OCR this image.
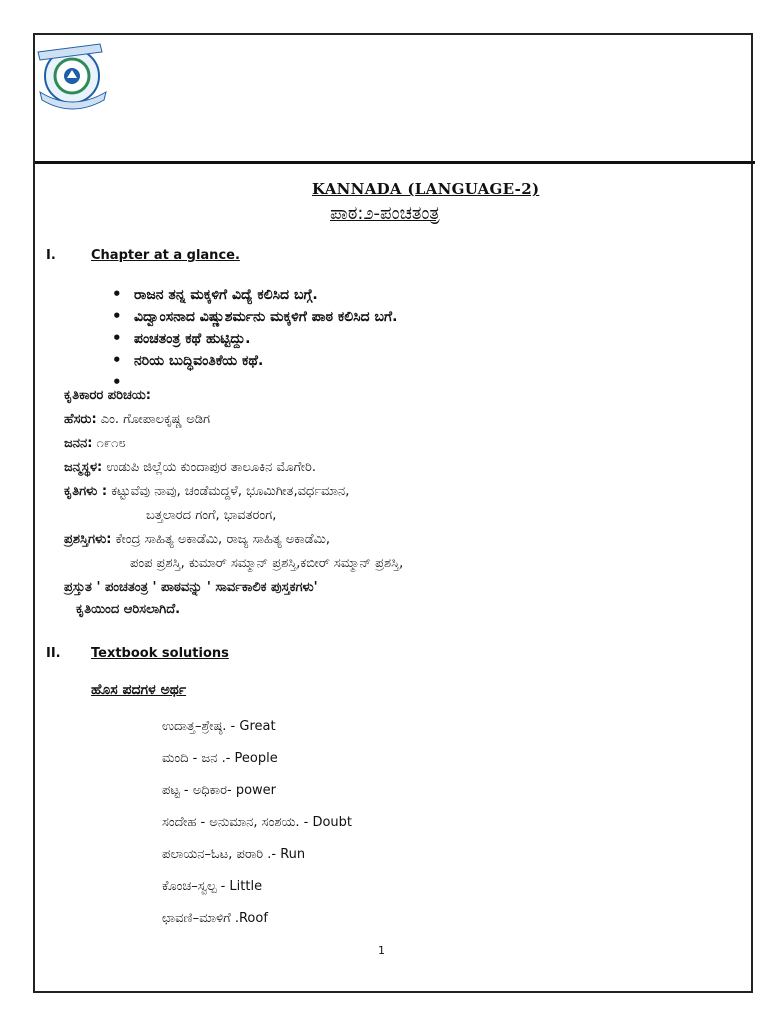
KANNADA (LANGUAGE-2)
ಪಾಠ:೨-ಪಂಚತಂತ್ರ
I.	Chapter at a glance.
• ರಾಜನ ತನ್ನ ಮಕ್ಕಳಿಗೆ ವಿದ್ಯೆ ಕಲಿಸಿದ ಬಗ್ಗೆ.
• ವಿದ್ವಾಂಸನಾದ ವಿಷ್ಣುಶರ್ಮನು ಮಕ್ಕಳಿಗೆ ಪಾಠ ಕಲಿಸಿದ ಬಗೆ.
• ಪಂಚತಂತ್ರ ಕಥೆ ಹುಟ್ಟಿದ್ದು.
• ನರಿಯ ಬುದ್ಧಿವಂತಿಕೆಯ ಕಥೆ.
•
ಕೃತಿಕಾರರ ಪರಿಚಯ:
ಹೆಸರು: ಎಂ. ಗೋಪಾಲಕೃಷ್ಣ ಅಡಿಗ
ಜನನ: ೧೯೧೮
ಜನ್ಮಸ್ಥಳ: ಉಡುಪಿ ಜಿಲ್ಲೆಯ ಕುಂದಾಪುರ ತಾಲೂಕಿನ ಮೊಗೇರಿ.
ಕೃತಿಗಳು : ಕಟ್ಟುವೆವು ನಾವು, ಚಂಡೆಮದ್ದಳೆ, ಭೂಮಿಗೀತ,ವರ್ಧಮಾನ,
ಬತ್ತಲಾರದ ಗಂಗೆ, ಭಾವತರಂಗ,
ಪ್ರಶಸ್ತಿಗಳು: ಕೇಂದ್ರ ಸಾಹಿತ್ಯ ಅಕಾಡೆಮಿ, ರಾಜ್ಯ ಸಾಹಿತ್ಯ ಅಕಾಡೆಮಿ,
ಪಂಪ ಪ್ರಶಸ್ತಿ, ಕುಮಾರ್ ಸಮ್ಮಾನ್ ಪ್ರಶಸ್ತಿ,ಕಬೀರ್ ಸಮ್ಮಾನ್ ಪ್ರಶಸ್ತಿ,
ಪ್ರಸ್ತುತ ' ಪಂಚತಂತ್ರ ' ಪಾಠವನ್ನು ' ಸಾರ್ವಕಾಲಿಕ ಪುಸ್ತಕಗಳು'
ಕೃತಿಯಿಂದ ಆರಿಸಲಾಗಿದೆ.
II. Textbook solutions
ಹೊಸ ಪದಗಳ ಅರ್ಥ
ಉದಾತ್ತ–ಶ್ರೇಷ್ಠ. - Great
ಮಂದಿ - ಜನ .- People
ಪಟ್ಟ - ಅಧಿಕಾರ- power
ಸಂದೇಹ - ಅನುಮಾನ, ಸಂಶಯ. - Doubt
ಪಲಾಯನ–ಓಟ, ಪರಾರಿ .- Run
ಕೊಂಚ–ಸ್ವಲ್ಪ - Little
ಛಾವಣಿ–ಮಾಳಿಗೆ .Roof
1
